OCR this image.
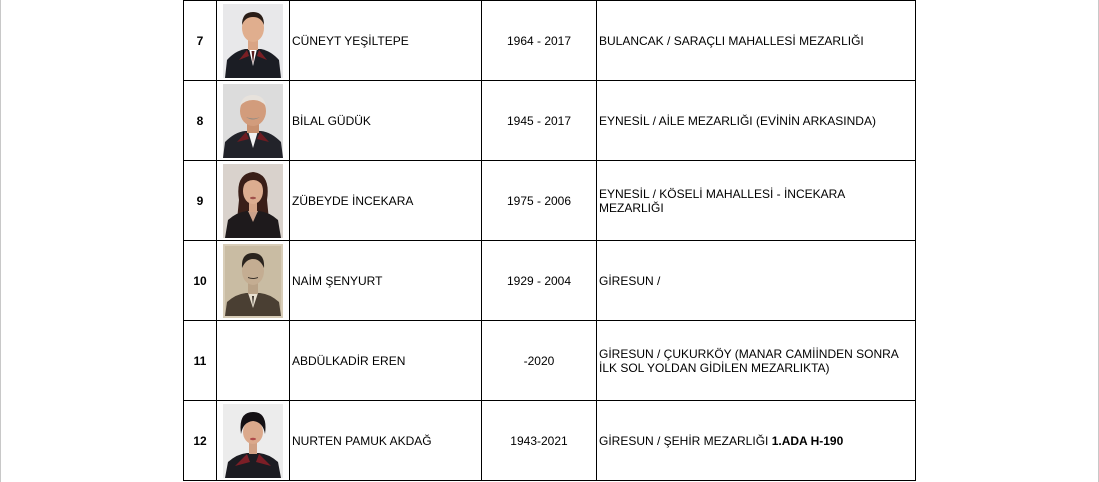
7		CÜNEYT YEŞİLTEPE	1964 - 2017	BULANCAK / SARAÇLI MAHALLESİ MEZARLIĞI
8		BİLAL GÜDÜK	1945 - 2017	EYNESİL / AİLE MEZARLIĞI (EVİNİN ARKASINDA)
9		ZÜBEYDE İNCEKARA	1975 - 2006	EYNESİL / KÖSELİ MAHALLESİ - İNCEKARA MEZARLIĞI
10		NAİM ŞENYURT	1929 - 2004	GİRESUN /
11		ABDÜLKADİR EREN	-2020	GİRESUN / ÇUKURKÖY (MANAR CAMİİNDEN SONRA İLK SOL YOLDAN GİDİLEN MEZARLIKTA)
12		NURTEN PAMUK AKDAĞ	1943-2021	GİRESUN / ŞEHİR MEZARLIĞI 1.ADA H-190
